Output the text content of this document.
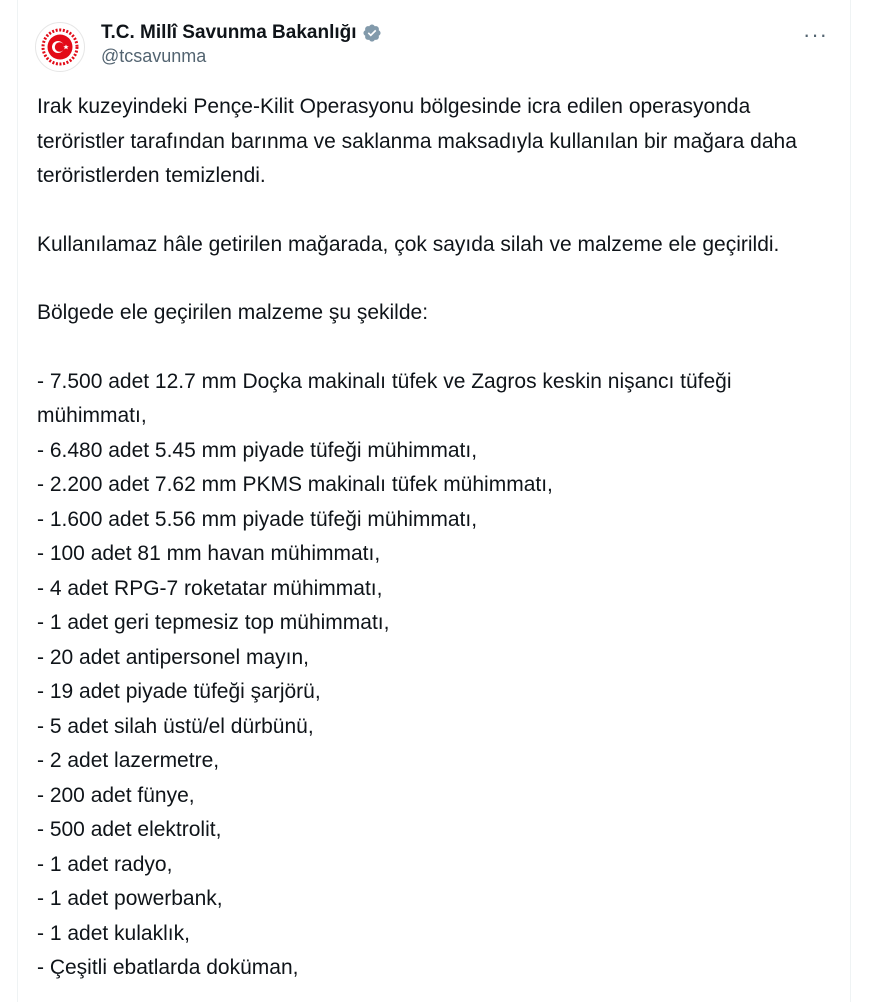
T.C. Millî Savunma Bakanlığı
@tcsavunma
···

Irak kuzeyindeki Pençe-Kilit Operasyonu bölgesinde icra edilen operasyonda teröristler tarafından barınma ve saklanma maksadıyla kullanılan bir mağara daha teröristlerden temizlendi.

Kullanılamaz hâle getirilen mağarada, çok sayıda silah ve malzeme ele geçirildi.

Bölgede ele geçirilen malzeme şu şekilde:

- 7.500 adet 12.7 mm Doçka makinalı tüfek ve Zagros keskin nişancı tüfeği mühimmatı,
- 6.480 adet 5.45 mm piyade tüfeği mühimmatı,
- 2.200 adet 7.62 mm PKMS makinalı tüfek mühimmatı,
- 1.600 adet 5.56 mm piyade tüfeği mühimmatı,
- 100 adet 81 mm havan mühimmatı,
- 4 adet RPG-7 roketatar mühimmatı,
- 1 adet geri tepmesiz top mühimmatı,
- 20 adet antipersonel mayın,
- 19 adet piyade tüfeği şarjörü,
- 5 adet silah üstü/el dürbünü,
- 2 adet lazermetre,
- 200 adet fünye,
- 500 adet elektrolit,
- 1 adet radyo,
- 1 adet powerbank,
- 1 adet kulaklık,
- Çeşitli ebatlarda doküman,
